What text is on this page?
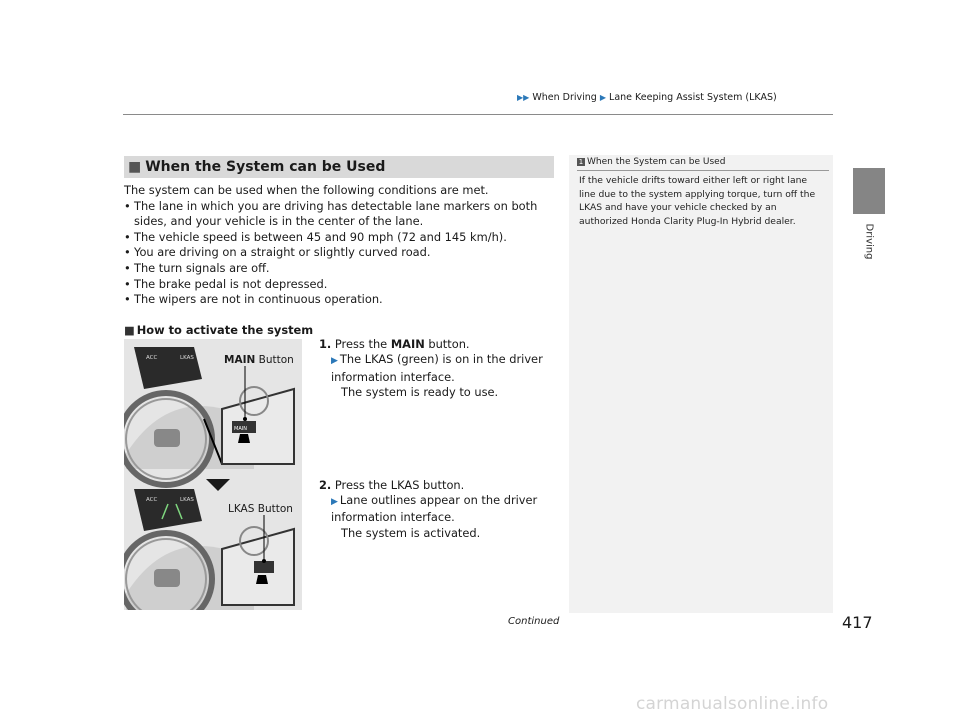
▶▶ When Driving ▶ Lane Keeping Assist System (LKAS)
Driving
■ When the System can be Used

The system can be used when the following conditions are met.

• The lane in which you are driving has detectable lane markers on both sides, and your vehicle is in the center of the lane.
• The vehicle speed is between 45 and 90 mph (72 and 145 km/h).
• You are driving on a straight or slightly curved road.
• The turn signals are off.
• The brake pedal is not depressed.
• The wipers are not in continuous operation.
■ How to activate the system
ACC	LKAS
MAIN
ACC	LKAS
MAIN Button
LKAS Button
1. Press the MAIN button.
▶ The LKAS (green) is on in the driver information interface.
The system is ready to use.
2. Press the LKAS button.
▶ Lane outlines appear on the driver information interface.
The system is activated.
1 When the System can be Used
If the vehicle drifts toward either left or right lane line due to the system applying torque, turn off the LKAS and have your vehicle checked by an authorized Honda Clarity Plug-In Hybrid dealer.
Continued	417
carmanualsonline.info
